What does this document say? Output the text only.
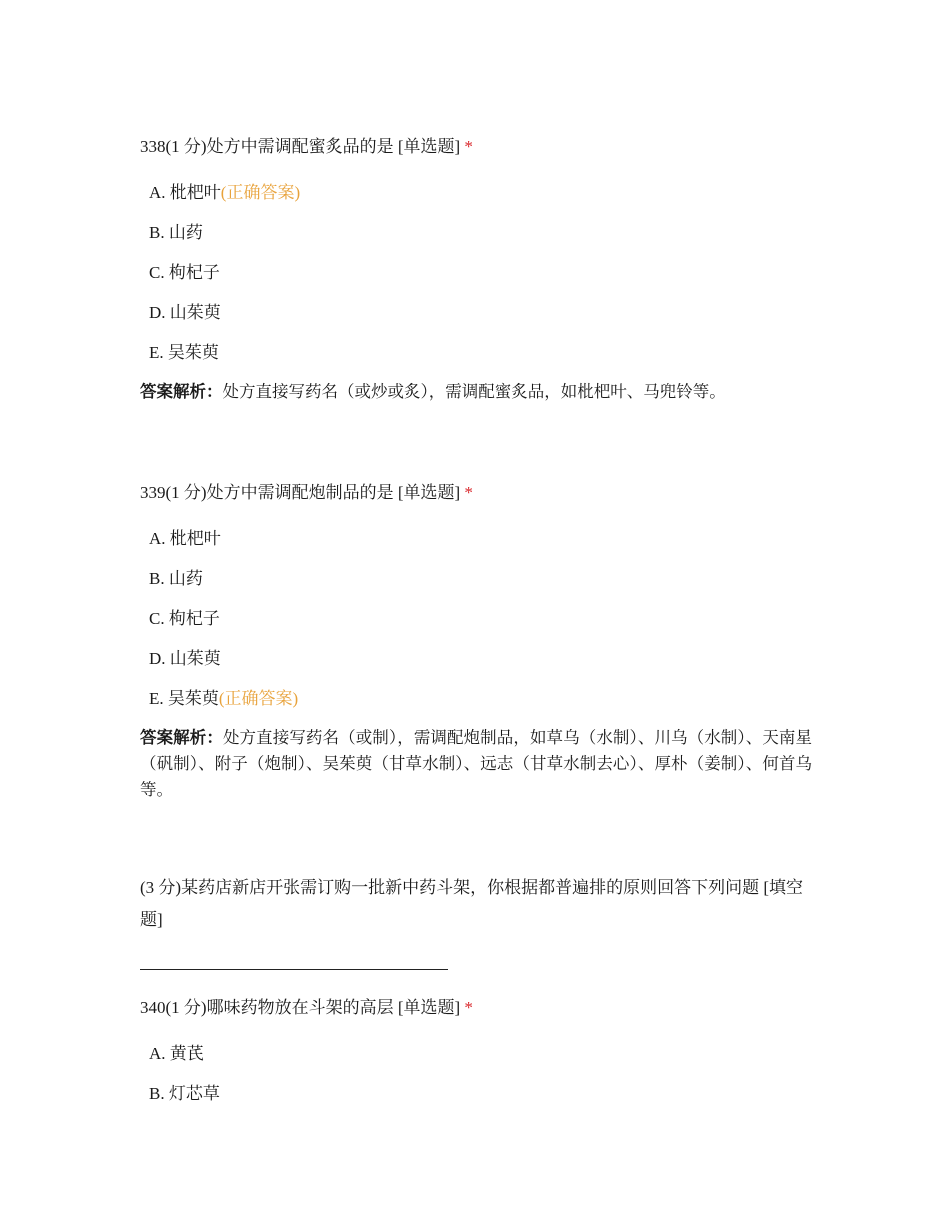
338(1 分)处方中需调配蜜炙品的是 [单选题] *
A. 枇杷叶(正确答案)
B. 山药
C. 枸杞子
D. 山茱萸
E. 吴茱萸
答案解析：处方直接写药名（或炒或炙），需调配蜜炙品，如枇杷叶、马兜铃等。
339(1 分)处方中需调配炮制品的是 [单选题] *
A. 枇杷叶
B. 山药
C. 枸杞子
D. 山茱萸
E. 吴茱萸(正确答案)
答案解析：处方直接写药名（或制），需调配炮制品，如草乌（水制）、川乌（水制）、天南星（矾制）、附子（炮制）、吴茱萸（甘草水制）、远志（甘草水制去心）、厚朴（姜制）、何首乌等。
(3 分)某药店新店开张需订购一批新中药斗架，你根据都普遍排的原则回答下列问题 [填空题]
340(1 分)哪味药物放在斗架的高层 [单选题] *
A. 黄芪
B. 灯芯草
